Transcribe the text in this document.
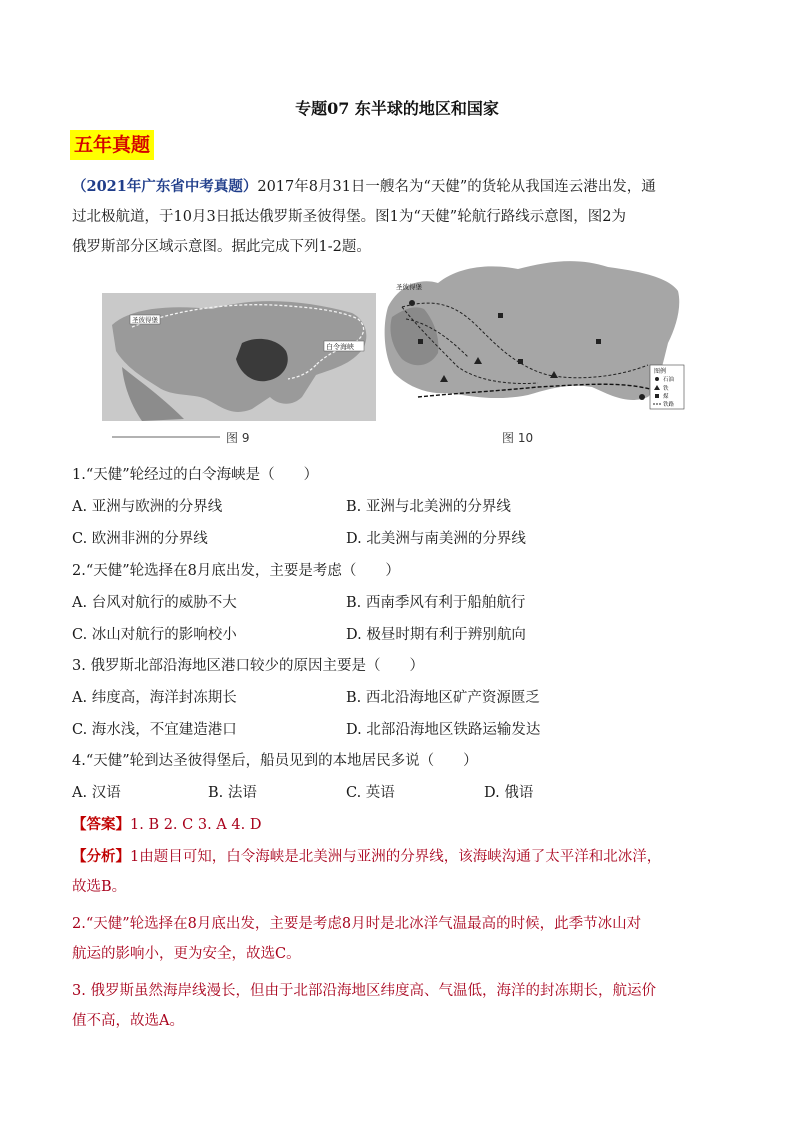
专题07 东半球的地区和国家
五年真题
（2021年广东省中考真题）2017年8月31日一艘名为“天健”的货轮从我国连云港出发，通
过北极航道，于10月3日抵达俄罗斯圣彼得堡。图1为“天健”轮航行路线示意图，图2为
俄罗斯部分区域示意图。据此完成下列1-2题。
白令海峡
圣彼得堡
图 9
圣彼得堡
图例
石油
铁
煤
铁路
图 10
1.“天健”轮经过的白令海峡是（　　）
A. 亚洲与欧洲的分界线	B. 亚洲与北美洲的分界线
C. 欧洲非洲的分界线	D. 北美洲与南美洲的分界线
2.“天健”轮选择在8月底出发，主要是考虑（　　）
A. 台风对航行的威胁不大	B. 西南季风有利于船舶航行
C. 冰山对航行的影响校小	D. 极昼时期有利于辨别航向
3. 俄罗斯北部沿海地区港口较少的原因主要是（　　）
A. 纬度高，海洋封冻期长	B. 西北沿海地区矿产资源匮乏
C. 海水浅，不宜建造港口	D. 北部沿海地区铁路运输发达
4.“天健”轮到达圣彼得堡后，船员见到的本地居民多说（　　）
A. 汉语	B. 法语	C. 英语	D. 俄语
【答案】1. B 2. C 3. A 4. D
【分析】1由题目可知，白令海峡是北美洲与亚洲的分界线，该海峡沟通了太平洋和北冰洋，
故选B。
2.“天健”轮选择在8月底出发，主要是考虑8月时是北冰洋气温最高的时候，此季节冰山对
航运的影响小，更为安全，故选C。
3. 俄罗斯虽然海岸线漫长，但由于北部沿海地区纬度高、气温低，海洋的封冻期长，航运价
值不高，故选A。
